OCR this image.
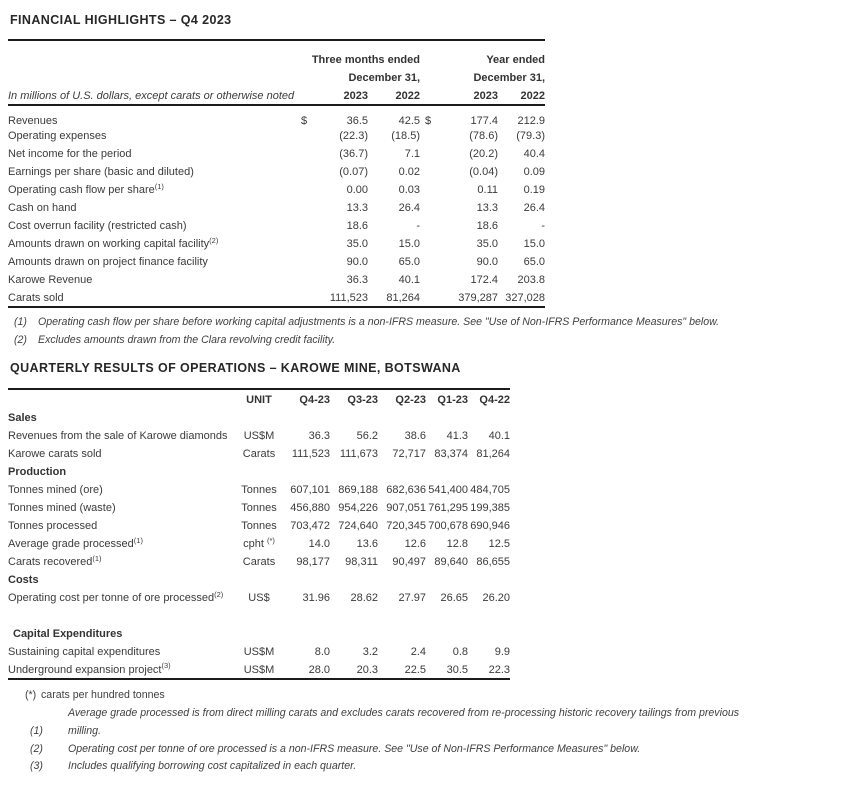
FINANCIAL HIGHLIGHTS – Q4 2023
	Three months ended			Year ended		
	December 31,			December 31,		
In millions of U.S. dollars, except carats or otherwise noted		2023	2022		2023	2022
Revenues	$	36.5	42.5	$	177.4	212.9
Operating expenses		(22.3)	(18.5)		(78.6)	(79.3)
Net income for the period		(36.7)	7.1		(20.2)	40.4
Earnings per share (basic and diluted)		(0.07)	0.02		(0.04)	0.09
Operating cash flow per share$^{(1)}$		0.00	0.03		0.11	0.19
Cash on hand		13.3	26.4		13.3	26.4
Cost overrun facility (restricted cash)		18.6	-		18.6	-
Amounts drawn on working capital facility$^{(2)}$		35.0	15.0		35.0	15.0
Amounts drawn on project finance facility		90.0	65.0		90.0	65.0
Karowe Revenue		36.3	40.1		172.4	203.8
Carats sold		111,523	81,264		379,287	327,028
(1)	Operating cash flow per share before working capital adjustments is a non-IFRS measure. See "Use of Non-IFRS Performance Measures" below.
(2)	Excludes amounts drawn from the Clara revolving credit facility.
QUARTERLY RESULTS OF OPERATIONS – KAROWE MINE, BOTSWANA
	UNIT	Q4-23	Q3-23	Q2-23	Q1-23	Q4-22
Sales						
Revenues from the sale of Karowe diamonds	US$M	36.3	56.2	38.6	41.3	40.1
Karowe carats sold	Carats	111,523	111,673	72,717	83,374	81,264
Production						
Tonnes mined (ore)	Tonnes	607,101	869,188	682,636	541,400	484,705
Tonnes mined (waste)	Tonnes	456,880	954,226	907,051	761,295	199,385
Tonnes processed	Tonnes	703,472	724,640	720,345	700,678	690,946
Average grade processed$^{(1)}$	cpht (*)	14.0	13.6	12.6	12.8	12.5
Carats recovered$^{(1)}$	Carats	98,177	98,311	90,497	89,640	86,655
Costs						
Operating cost per tonne of ore processed$^{(2)}$	US$	31.96	28.62	27.97	26.65	26.20

Capital Expenditures						
Sustaining capital expenditures	US$M	8.0	3.2	2.4	0.8	9.9
Underground expansion project$^{(3)}$	US$M	28.0	20.3	22.5	30.5	22.3
(*) carats per hundred tonnes
Average grade processed is from direct milling carats and excludes carats recovered from re-processing historic recovery tailings from previous
(1)	milling.
(2)	Operating cost per tonne of ore processed is a non-IFRS measure. See "Use of Non-IFRS Performance Measures" below.
(3)	Includes qualifying borrowing cost capitalized in each quarter.
